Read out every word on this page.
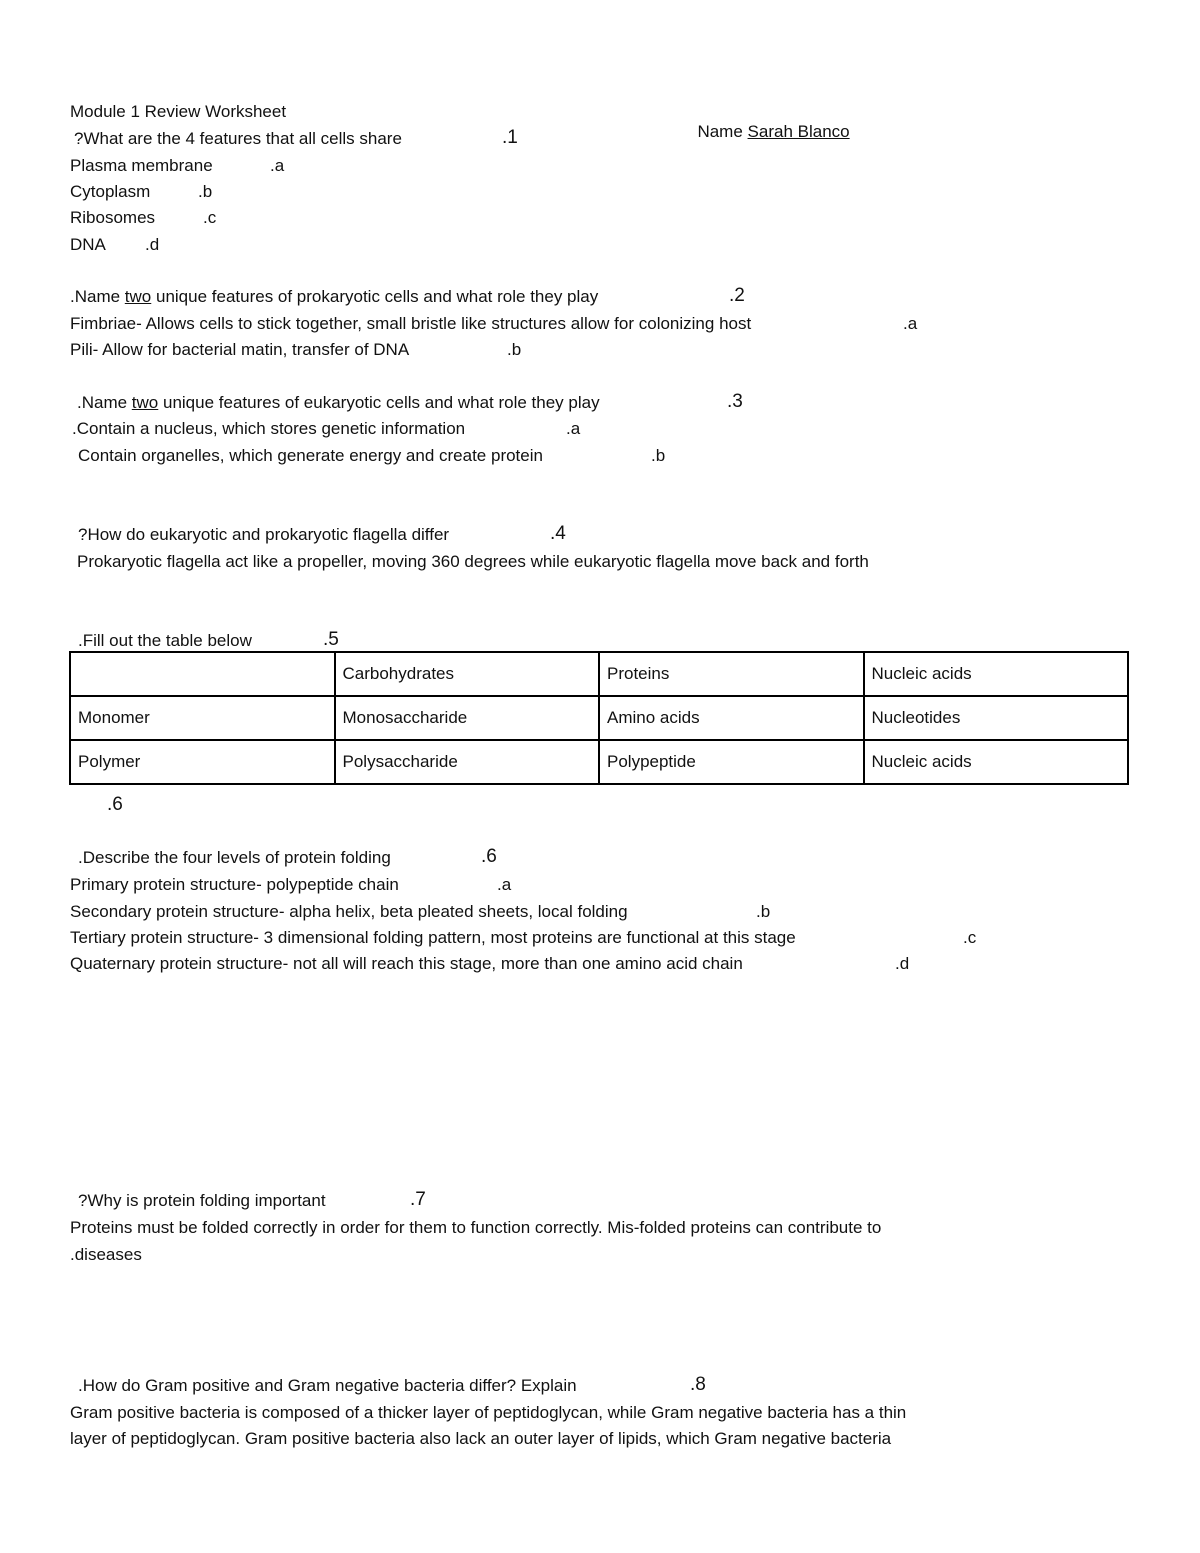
Module 1 Review Worksheet

Name Sarah Blanco

?What are the 4 features that all cells share	.1
Plasma membrane	.a
Cytoplasm	.b
Ribosomes	.c
DNA .d
.Name two unique features of prokaryotic cells and what role they play	.2
Fimbriae- Allows cells to stick together, small bristle like structures allow for colonizing host	.a
Pili- Allow for bacterial matin, transfer of DNA	.b
.Name two unique features of eukaryotic cells and what role they play	.3
.Contain a nucleus, which stores genetic information	.a
Contain organelles, which generate energy and create protein	.b
?How do eukaryotic and prokaryotic flagella differ	.4
Prokaryotic flagella act like a propeller, moving 360 degrees while eukaryotic flagella move back and forth
.Fill out the table below	.5
	Carbohydrates	Proteins	Nucleic acids
Monomer	Monosaccharide	Amino acids	Nucleotides
Polymer	Polysaccharide	Polypeptide	Nucleic acids
.6
.Describe the four levels of protein folding	.6
Primary protein structure- polypeptide chain	.a
Secondary protein structure- alpha helix, beta pleated sheets, local folding	.b
Tertiary protein structure- 3 dimensional folding pattern, most proteins are functional at this stage	.c
Quaternary protein structure- not all will reach this stage, more than one amino acid chain	.d
?Why is protein folding important	.7
Proteins must be folded correctly in order for them to function correctly. Mis-folded proteins can contribute to
.diseases
.How do Gram positive and Gram negative bacteria differ? Explain	.8
Gram positive bacteria is composed of a thicker layer of peptidoglycan, while Gram negative bacteria has a thin
layer of peptidoglycan. Gram positive bacteria also lack an outer layer of lipids, which Gram negative bacteria
